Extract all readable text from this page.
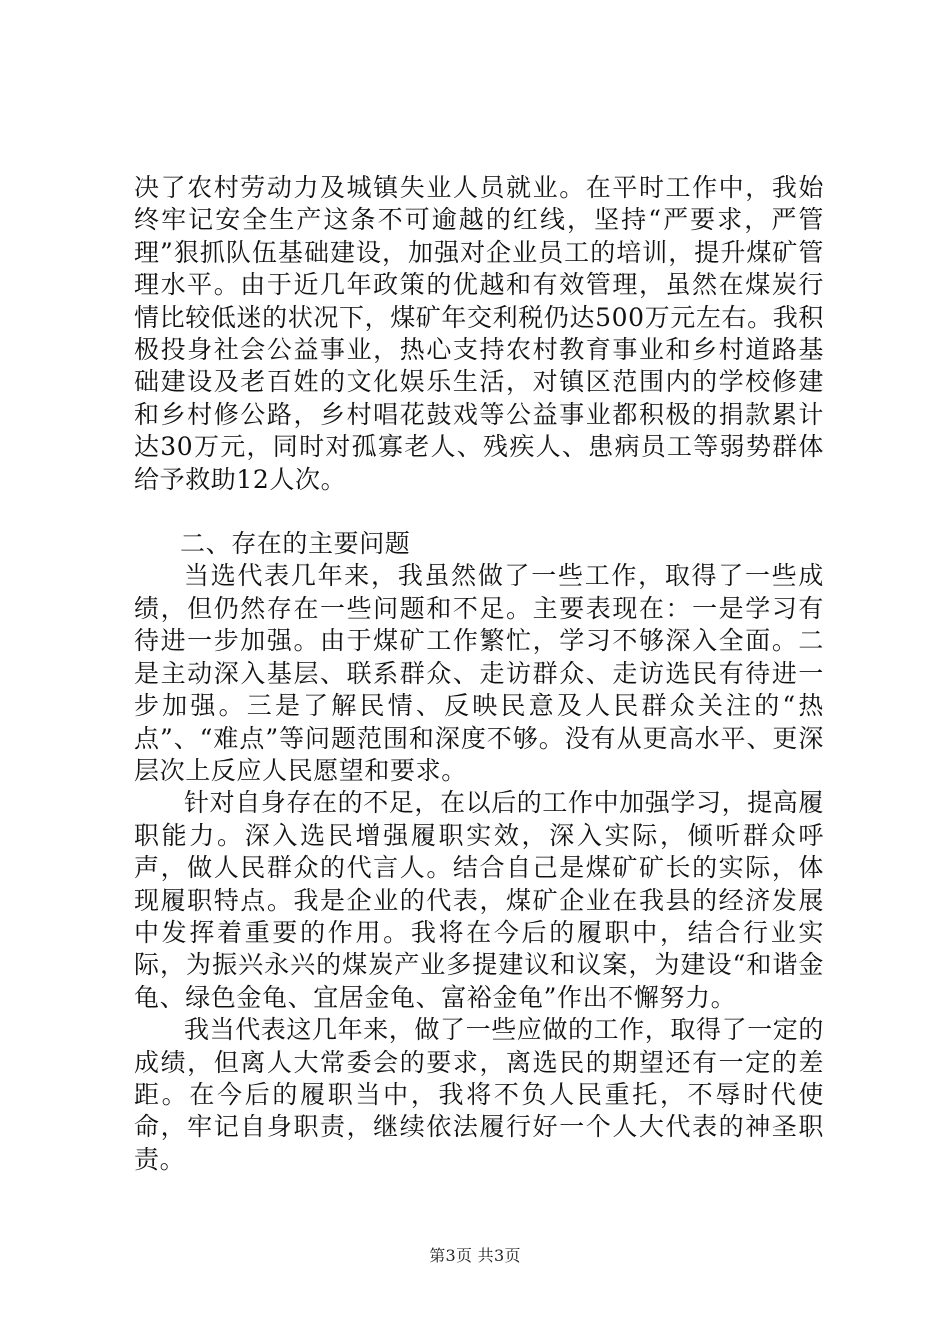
决了农村劳动力及城镇失业人员就业。在平时工作中，我始终牢记安全生产这条不可逾越的红线，坚持“严要求，严管理”狠抓队伍基础建设，加强对企业员工的培训，提升煤矿管理水平。由于近几年政策的优越和有效管理，虽然在煤炭行情比较低迷的状况下，煤矿年交利税仍达500万元左右。我积极投身社会公益事业，热心支持农村教育事业和乡村道路基础建设及老百姓的文化娱乐生活，对镇区范围内的学校修建和乡村修公路，乡村唱花鼓戏等公益事业都积极的捐款累计达30万元，同时对孤寡老人、残疾人、患病员工等弱势群体给予救助12人次。

二、存在的主要问题

当选代表几年来，我虽然做了一些工作，取得了一些成绩，但仍然存在一些问题和不足。主要表现在：一是学习有待进一步加强。由于煤矿工作繁忙，学习不够深入全面。二是主动深入基层、联系群众、走访群众、走访选民有待进一步加强。三是了解民情、反映民意及人民群众关注的“热点”、“难点”等问题范围和深度不够。没有从更高水平、更深层次上反应人民愿望和要求。

针对自身存在的不足，在以后的工作中加强学习，提高履职能力。深入选民增强履职实效，深入实际，倾听群众呼声，做人民群众的代言人。结合自己是煤矿矿长的实际，体现履职特点。我是企业的代表，煤矿企业在我县的经济发展中发挥着重要的作用。我将在今后的履职中，结合行业实际，为振兴永兴的煤炭产业多提建议和议案，为建设“和谐金龟、绿色金龟、宜居金龟、富裕金龟”作出不懈努力。

我当代表这几年来，做了一些应做的工作，取得了一定的成绩，但离人大常委会的要求，离选民的期望还有一定的差距。在今后的履职当中，我将不负人民重托，不辱时代使命，牢记自身职责，继续依法履行好一个人大代表的神圣职责。

第3页 共3页
